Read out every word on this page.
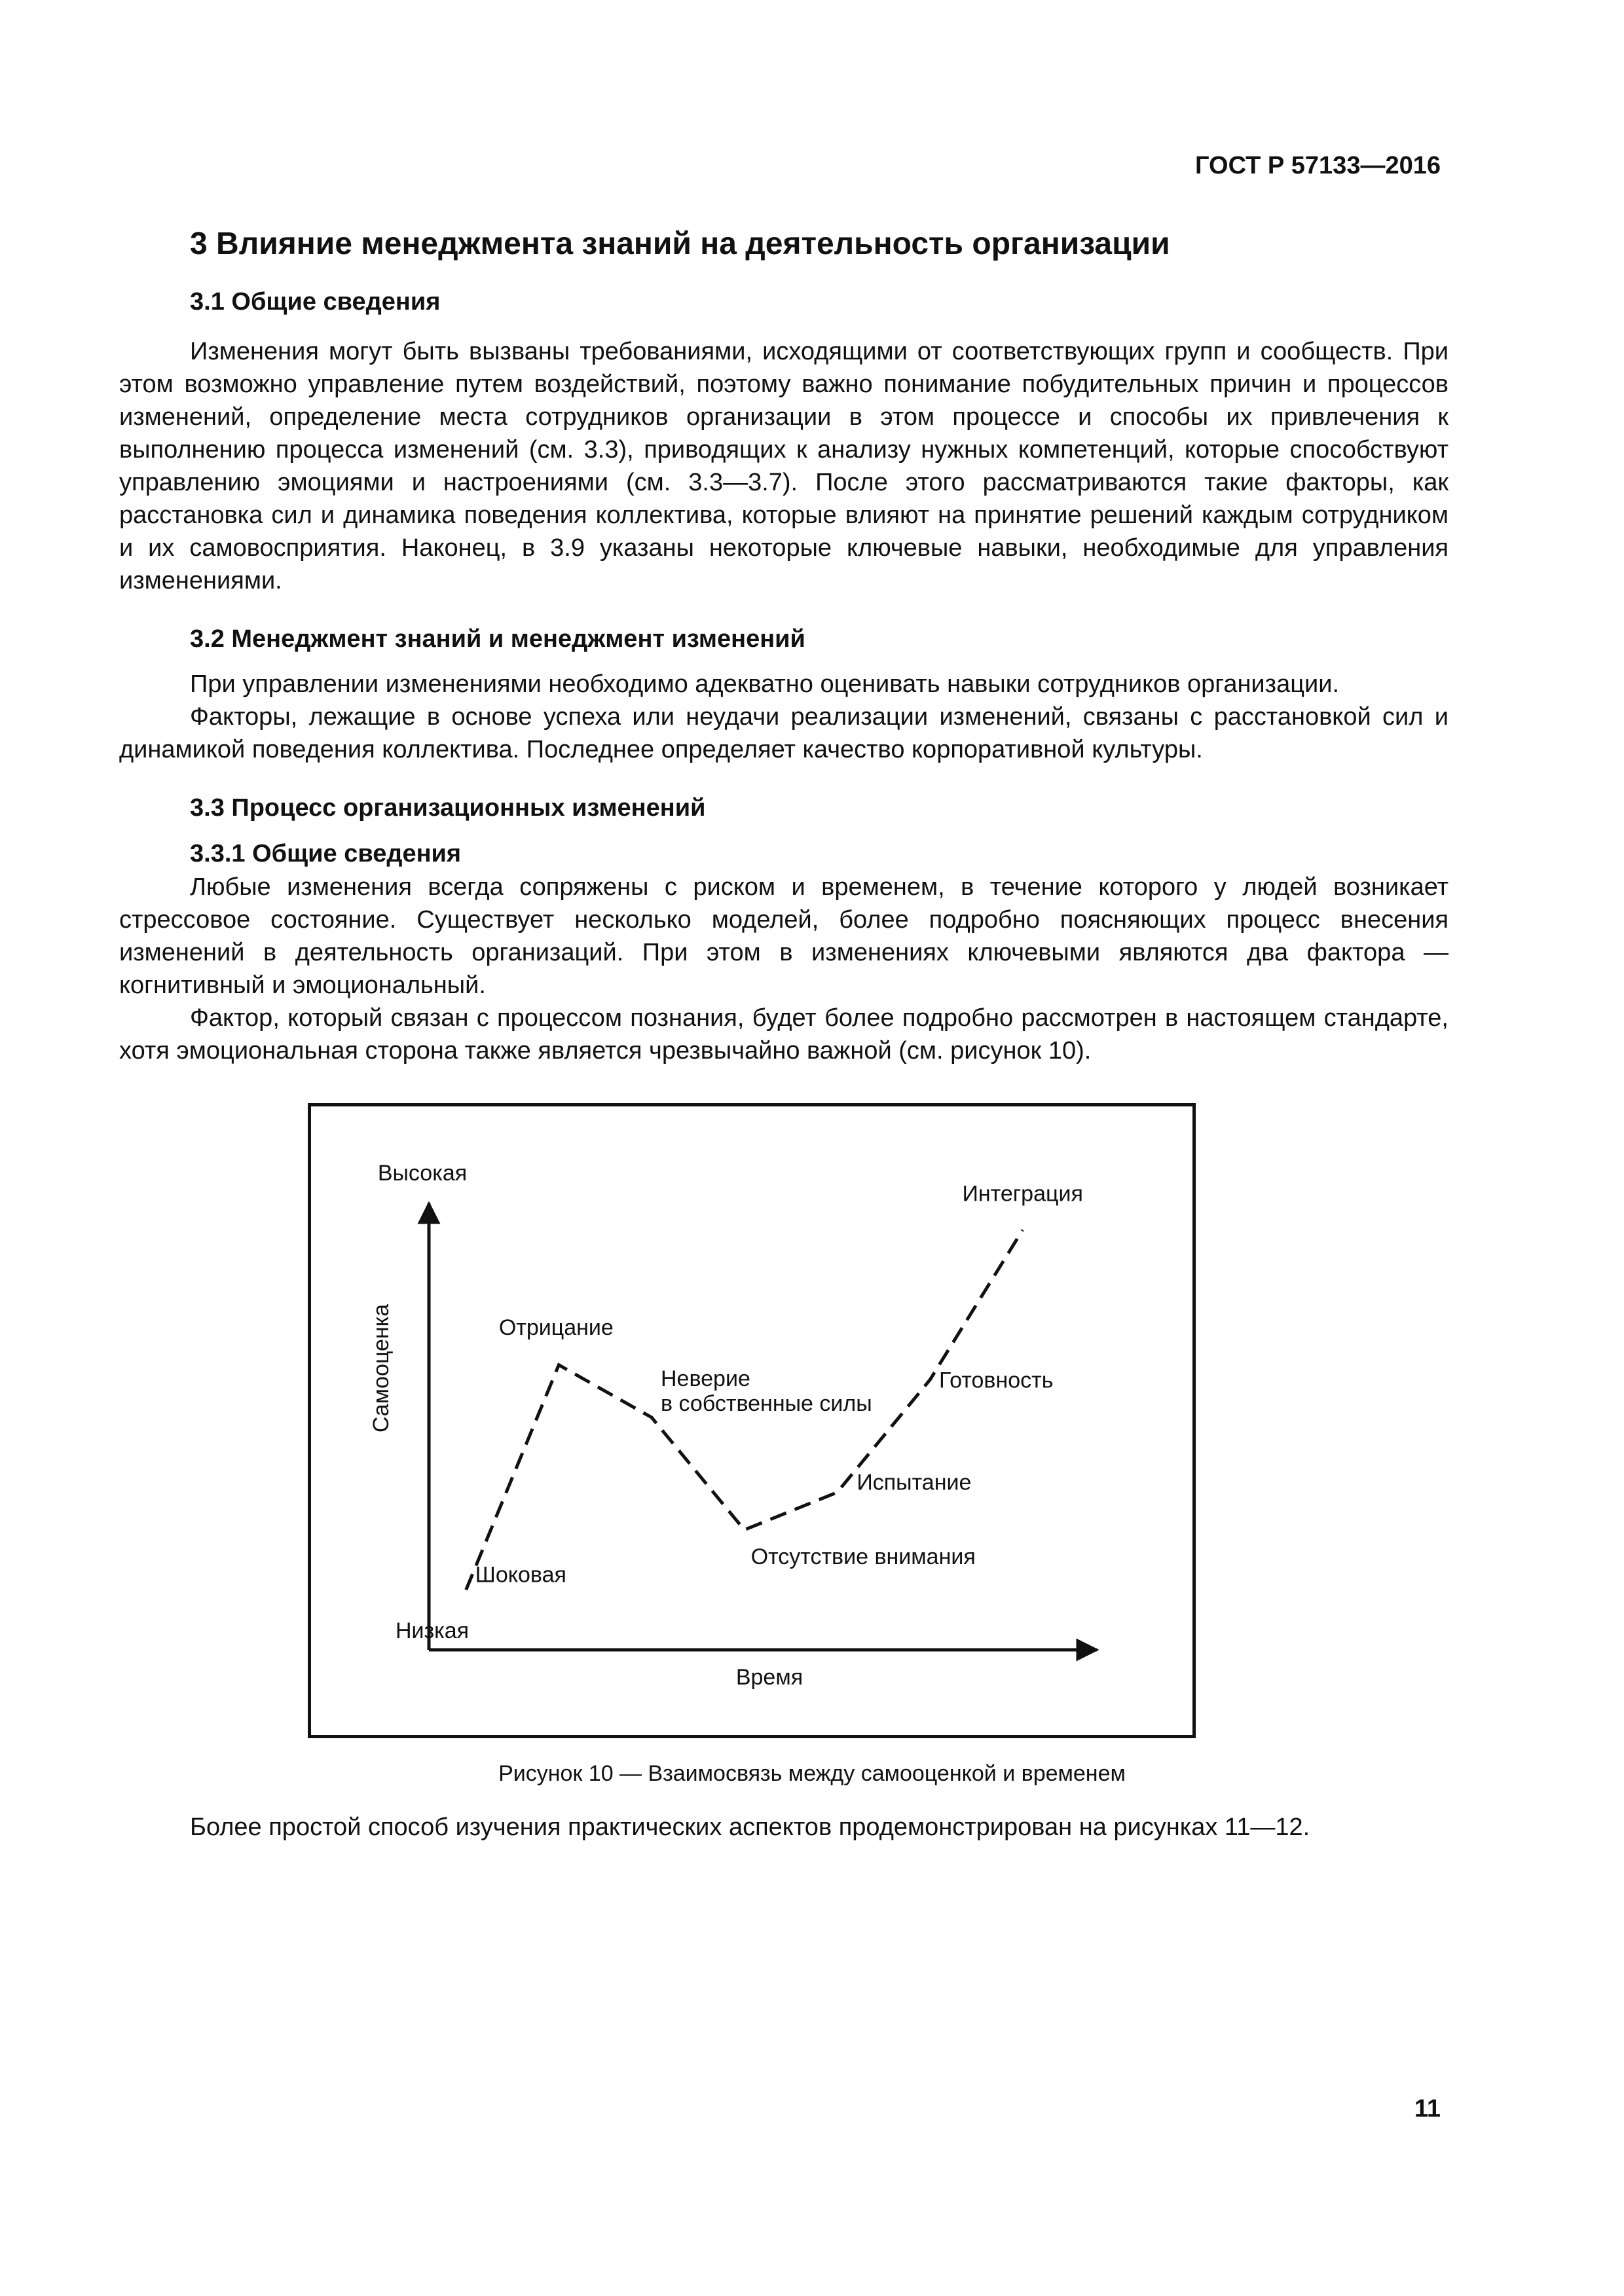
ГОСТ Р 57133—2016
3 Влияние менеджмента знаний на деятельность организации
3.1 Общие сведения

Изменения могут быть вызваны требованиями, исходящими от соответствующих групп и сообществ. При этом возможно управление путем воздействий, поэтому важно понимание побудительных причин и процессов изменений, определение места сотрудников организации в этом процессе и способы их привлечения к выполнению процесса изменений (см. 3.3), приводящих к анализу нужных компетенций, которые способствуют управлению эмоциями и настроениями (см. 3.3—3.7). После этого рассматриваются такие факторы, как расстановка сил и динамика поведения коллектива, которые влияют на принятие решений каждым сотрудником и их самовосприятия. Наконец, в 3.9 указаны некоторые ключевые навыки, необходимые для управления изменениями.

3.2 Менеджмент знаний и менеджмент изменений

При управлении изменениями необходимо адекватно оценивать навыки сотрудников организации.

Факторы, лежащие в основе успеха или неудачи реализации изменений, связаны с расстановкой сил и динамикой поведения коллектива. Последнее определяет качество корпоративной культуры.

3.3 Процесс организационных изменений
3.3.1 Общие сведения

Любые изменения всегда сопряжены с риском и временем, в течение которого у людей возникает стрессовое состояние. Существует несколько моделей, более подробно поясняющих процесс внесения изменений в деятельность организаций. При этом в изменениях ключевыми являются два фактора — когнитивный и эмоциональный.

Фактор, который связан с процессом познания, будет более подробно рассмотрен в настоящем стандарте, хотя эмоциональная сторона также является чрезвычайно важной (см. рисунок 10).

Высокая
Низкая
Время
Самооценка
Шоковая
Отрицание
Неверие в собственные силы
Отсутствие внимания
Испытание
Готовность
Интеграция
Рисунок 10 — Взаимосвязь между самооценкой и временем
Более простой способ изучения практических аспектов продемонстрирован на рисунках 11—12.
11
